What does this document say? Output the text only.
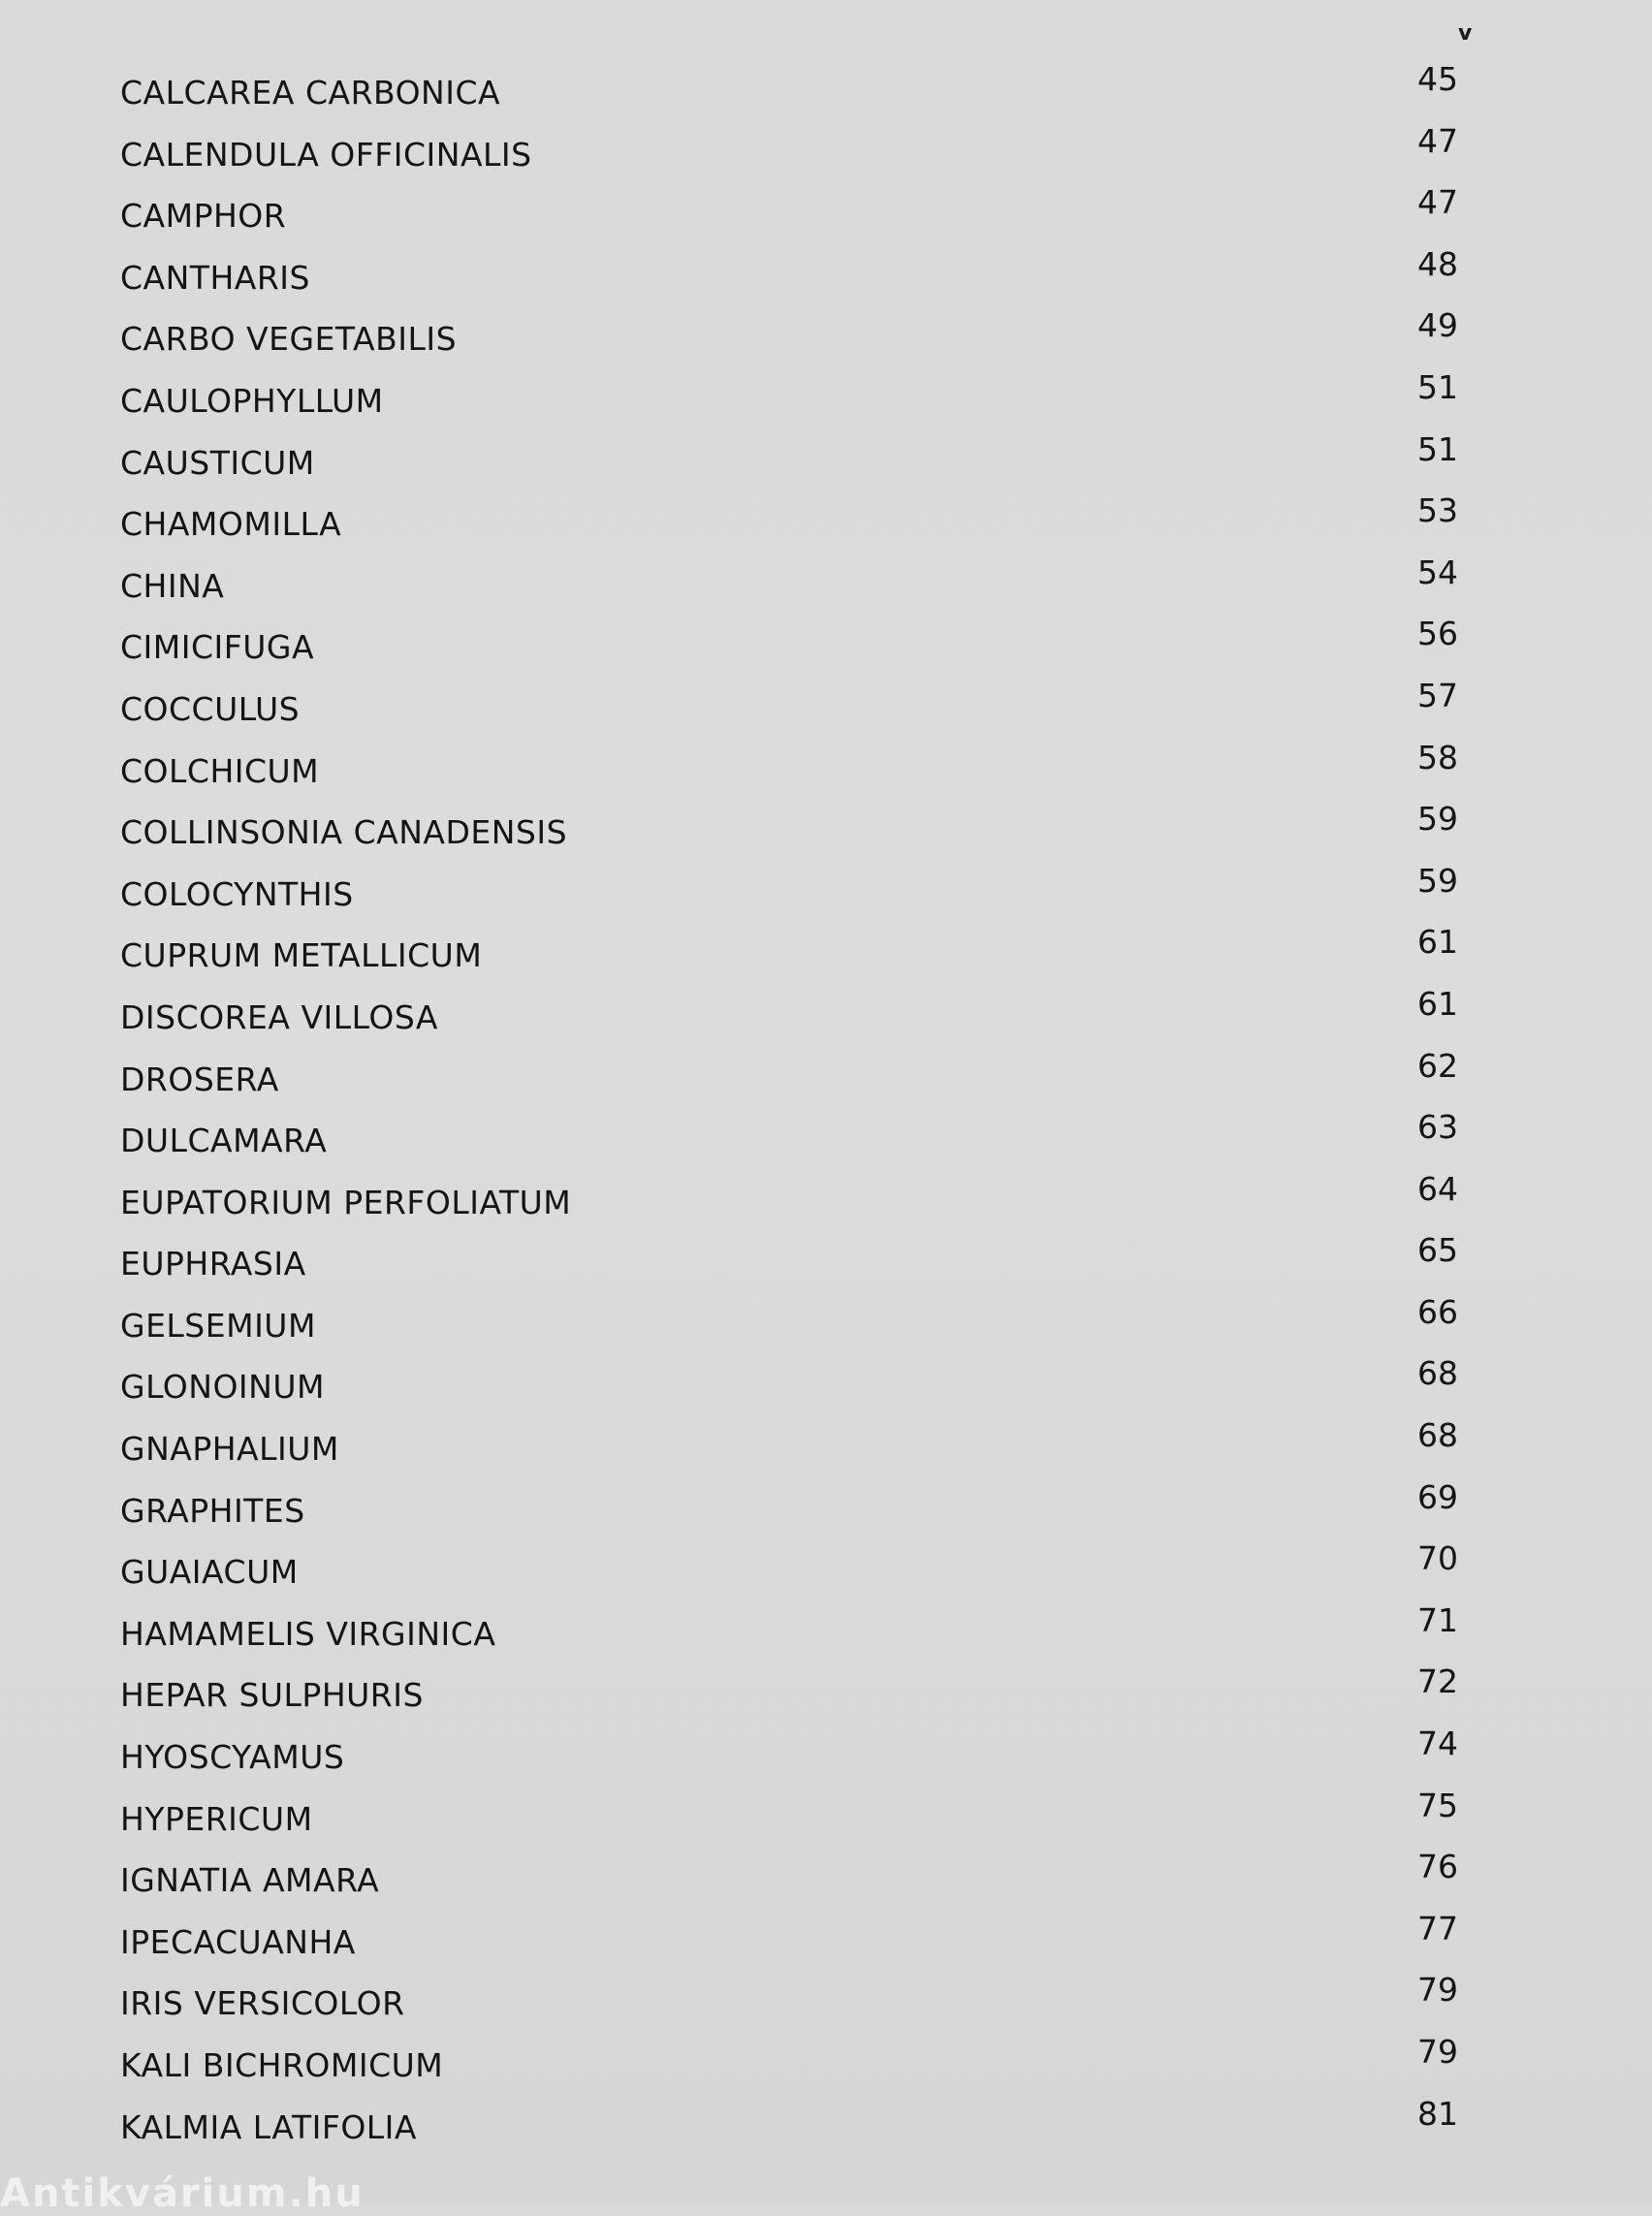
v
CALCAREA CARBONICA	45
CALENDULA OFFICINALIS	47
CAMPHOR	47
CANTHARIS	48
CARBO VEGETABILIS	49
CAULOPHYLLUM	51
CAUSTICUM	51
CHAMOMILLA	53
CHINA	54
CIMICIFUGA	56
COCCULUS	57
COLCHICUM	58
COLLINSONIA CANADENSIS	59
COLOCYNTHIS	59
CUPRUM METALLICUM	61
DISCOREA VILLOSA	61
DROSERA	62
DULCAMARA	63
EUPATORIUM PERFOLIATUM	64
EUPHRASIA	65
GELSEMIUM	66
GLONOINUM	68
GNAPHALIUM	68
GRAPHITES	69
GUAIACUM	70
HAMAMELIS VIRGINICA	71
HEPAR SULPHURIS	72
HYOSCYAMUS	74
HYPERICUM	75
IGNATIA AMARA	76
IPECACUANHA	77
IRIS VERSICOLOR	79
KALI BICHROMICUM	79
KALMIA LATIFOLIA	81
Antikvárium.hu
